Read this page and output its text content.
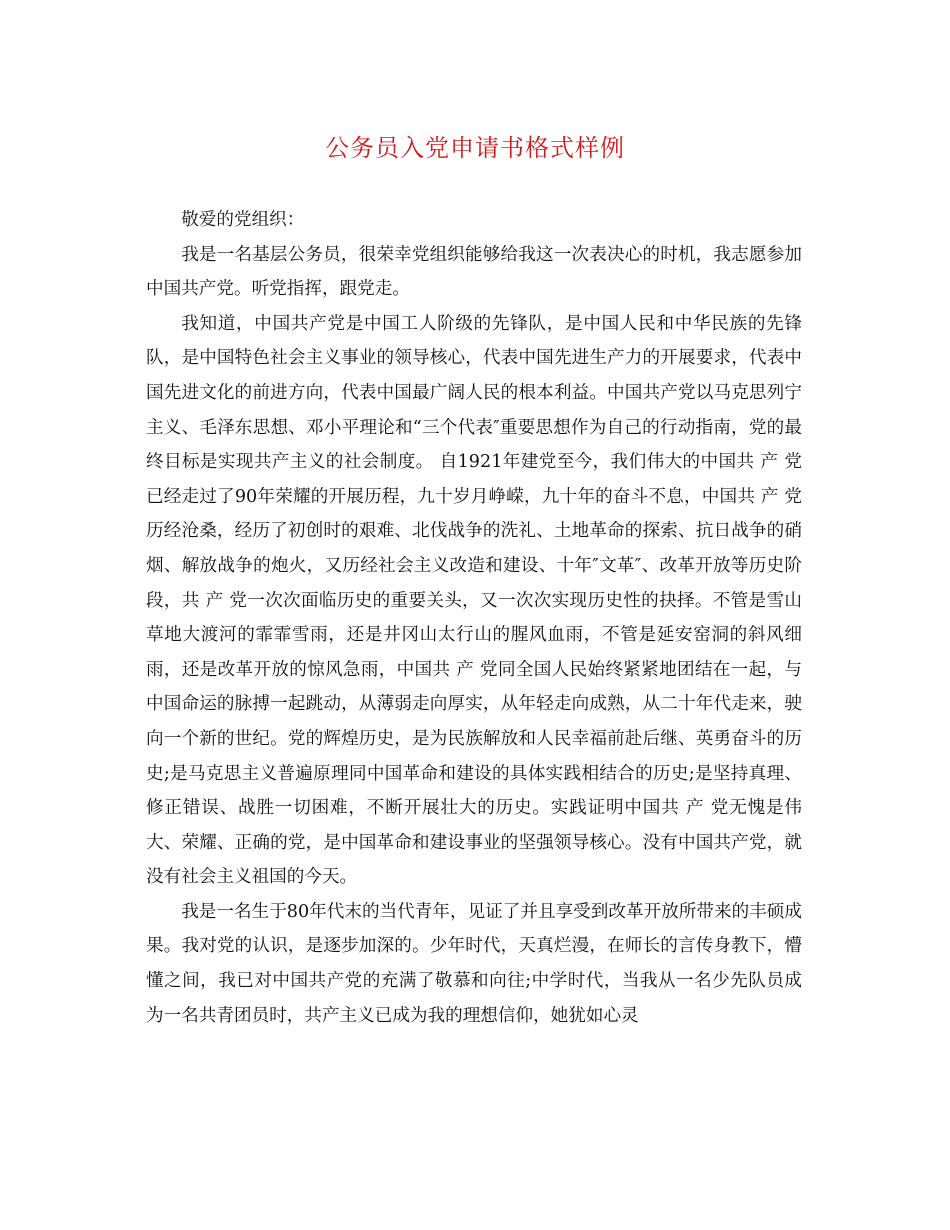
公务员入党申请书格式样例

敬爱的党组织：

我是一名基层公务员，很荣幸党组织能够给我这一次表决心的时机，我志愿参加中国共产党。听党指挥，跟党走。

我知道，中国共产党是中国工人阶级的先锋队，是中国人民和中华民族的先锋队，是中国特色社会主义事业的领导核心，代表中国先进生产力的开展要求，代表中国先进文化的前进方向，代表中国最广阔人民的根本利益。中国共产党以马克思列宁主义、毛泽东思想、邓小平理论和“三个代表″重要思想作为自己的行动指南，党的最终目标是实现共产主义的社会制度。 自1921年建党至今，我们伟大的中国共 产 党已经走过了90年荣耀的开展历程，九十岁月峥嵘，九十年的奋斗不息，中国共 产 党历经沧桑，经历了初创时的艰难、北伐战争的洗礼、土地革命的探索、抗日战争的硝烟、解放战争的炮火，又历经社会主义改造和建设、十年″文革″、改革开放等历史阶段，共 产 党一次次面临历史的重要关头，又一次次实现历史性的抉择。不管是雪山草地大渡河的霏霏雪雨，还是井冈山太行山的腥风血雨，不管是延安窑洞的斜风细雨，还是改革开放的惊风急雨，中国共 产 党同全国人民始终紧紧地团结在一起，与中国命运的脉搏一起跳动，从薄弱走向厚实，从年轻走向成熟，从二十年代走来，驶向一个新的世纪。党的辉煌历史，是为民族解放和人民幸福前赴后继、英勇奋斗的历史;是马克思主义普遍原理同中国革命和建设的具体实践相结合的历史;是坚持真理、修正错误、战胜一切困难，不断开展壮大的历史。实践证明中国共 产 党无愧是伟大、荣耀、正确的党，是中国革命和建设事业的坚强领导核心。没有中国共产党，就没有社会主义祖国的今天。

我是一名生于80年代末的当代青年，见证了并且享受到改革开放所带来的丰硕成果。我对党的认识，是逐步加深的。少年时代，天真烂漫，在师长的言传身教下，懵懂之间，我已对中国共产党的充满了敬慕和向往;中学时代，当我从一名少先队员成为一名共青团员时，共产主义已成为我的理想信仰，她犹如心灵
